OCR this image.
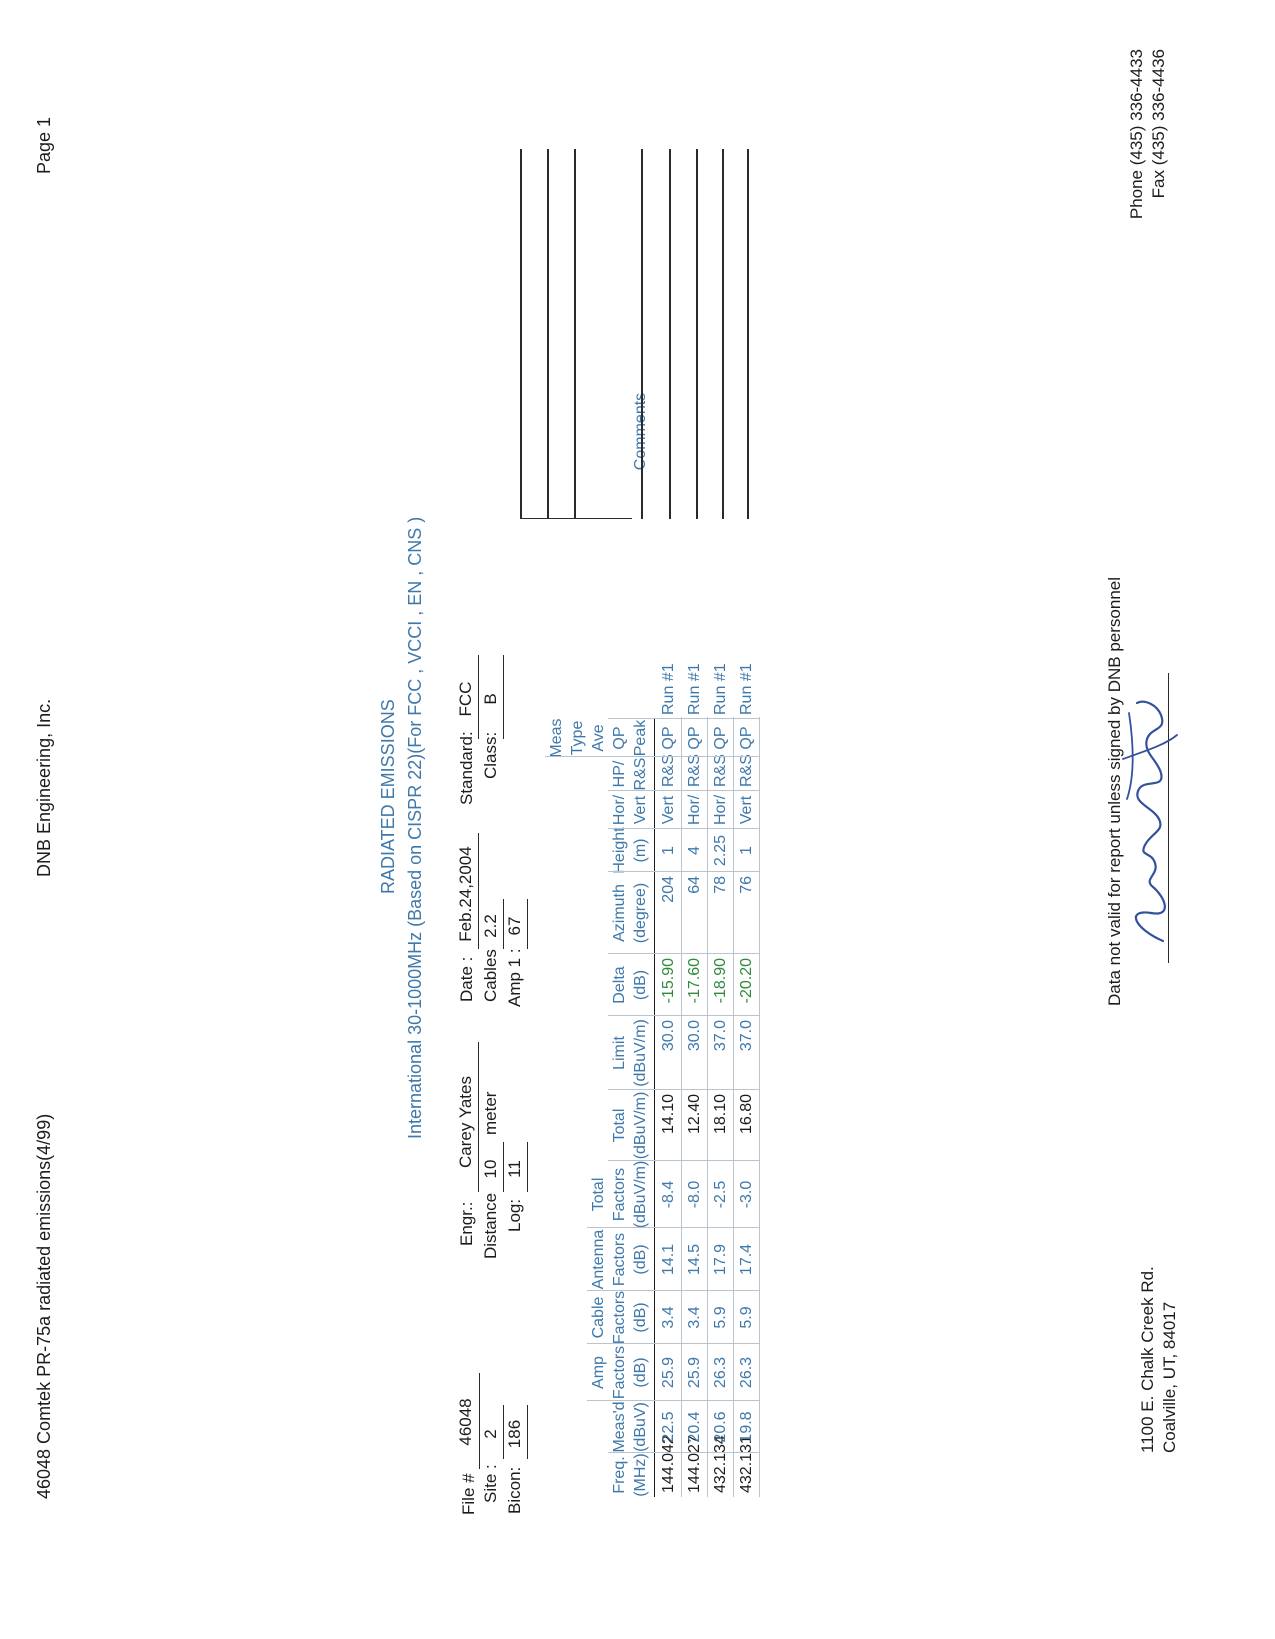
46048 Comtek PR-75a radiated emissions(4/99)
DNB Engineering, Inc.
Page 1
RADIATED EMISSIONS International 30-1000MHz (Based on CISPR 22)(For FCC , VCCI , EN , CNS )
File #
46048
Site :
2
Bicon:
186
Engr.:
Carey Yates
Distance
10
meter
Log:
11
Date :
Feb.24,2004
Cables
2.2
Amp 1 :
67
Standard:
FCC
Class:
B
Freq. (MHz)
Meas'd (dBuV)
Amp Factors (dB)
Cable Factors (dB)
Antenna Factors (dB)
Total Factors (dBuV/m)
Total (dBuV/m)
Limit (dBuV/m)
Delta (dB)
Azimuth (degree)
Height (m)
Hor/ Vert
HP/ R&S
Meas Type Ave QP Peak
Comments
144.042
22.5
25.9
3.4
14.1
-8.4
14.10
30.0
-15.90
204
1
Vert
R&S
QP
Run #1
144.027
20.4
25.9
3.4
14.5
-8.0
12.40
30.0
-17.60
64
4
Hor/
R&S
QP
Run #1
432.134
20.6
26.3
5.9
17.9
-2.5
18.10
37.0
-18.90
78
2.25
Hor/
R&S
QP
Run #1
432.131
19.8
26.3
5.9
17.4
-3.0
16.80
37.0
-20.20
76
1
Vert
R&S
QP
Run #1
1100 E. Chalk Creek Rd. Coalville, UT, 84017
Data not valid for report unless signed by DNB personnel
Phone (435) 336-4433 Fax (435) 336-4436
